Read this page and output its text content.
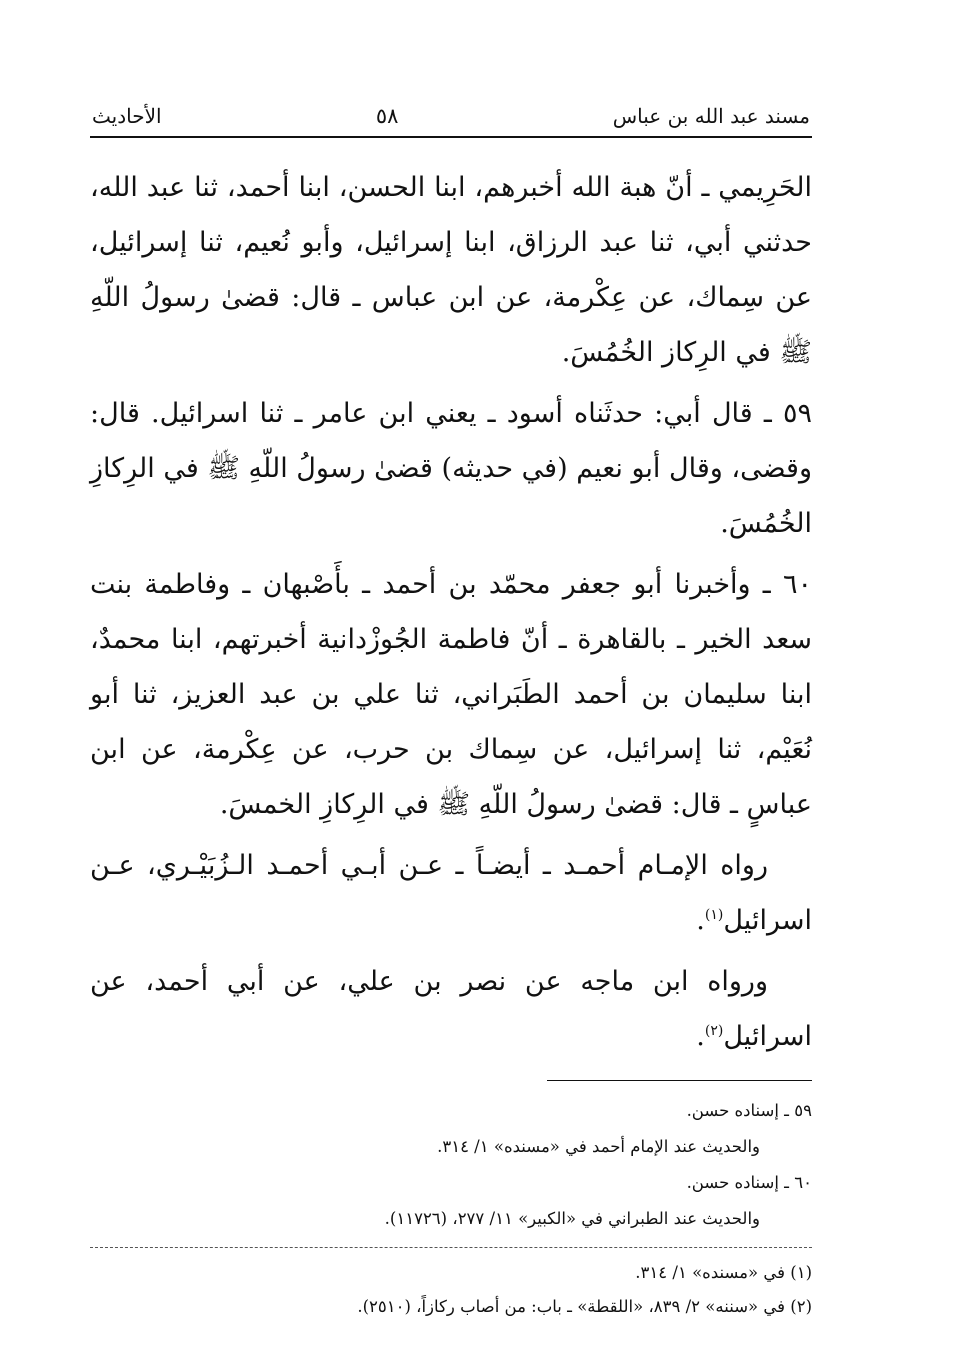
مسند عبد الله بن عباس
٥٨
الأحاديث

الحَرِيمي ـ أنّ هبة الله أخبرهم، ابنا الحسن، ابنا أحمد، ثنا عبد الله، حدثني أبي، ثنا عبد الرزاق، ابنا إسرائيل، وأبو نُعيم، ثنا إسرائيل، عن سِماك، عن عِكْرمة، عن ابن عباس ـ قال: قضىٰ رسولُ اللّهِ ﷺ في الرِكاز الخُمُسَ.

٥٩ ـ قال أبي: حدثَناه أسود ـ يعني ابن عامر ـ ثنا اسرائيل. قال: وقضى، وقال أبو نعيم (في حديثه) قضىٰ رسولُ اللّهِ ﷺ في الرِكازِ الخُمُسَ.

٦٠ ـ وأخبرنا أبو جعفر محمّد بن أحمد ـ بأَصْبهان ـ وفاطمة بنت سعد الخير ـ بالقاهرة ـ أنّ فاطمة الجُوزْدانية أخبرتهم، ابنا محمدٌ، ابنا سليمان بن أحمد الطَبَراني، ثنا علي بن عبد العزيز، ثنا أبو نُعَيْم، ثنا إسرائيل، عن سِماك بن حرب، عن عِكْرمة، عن ابن عباسٍ ـ قال: قضىٰ رسولُ اللّهِ ﷺ في الرِكازِ الخمسَ.

رواه الإمـام أحمـد ـ أيضـاً ـ عـن أبـي أحمـد الـزُبَيْـري، عـن اسرائيل$^{(١)}$.

ورواه ابن ماجه عن نصر بن علي، عن أبي أحمد، عن اسرائيل$^{(٢)}$.

٥٩ ـ إسناده حسن.
والحديث عند الإمام أحمد في «مسنده» ١/ ٣١٤.
٦٠ ـ إسناده حسن.
والحديث عند الطبراني في «الكبير» ١١/ ٢٧٧، (١١٧٢٦).
(١) في «مسنده» ١/ ٣١٤.
(٢) في «سننه» ٢/ ٨٣٩، «اللقطة» ـ باب: من أصاب ركازاً، (٢٥١٠).
